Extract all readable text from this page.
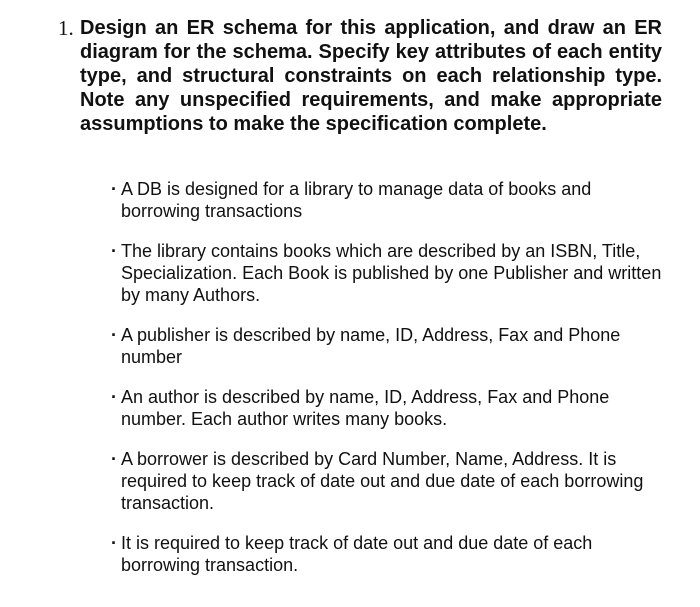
1. Design an ER schema for this application, and draw an ER diagram for the schema. Specify key attributes of each entity type, and structural constraints on each relationship type. Note any unspecified requirements, and make appropriate assumptions to make the specification complete.
· A DB is designed for a library to manage data of books and borrowing transactions
· The library contains books which are described by an ISBN, Title, Specialization. Each Book is published by one Publisher and written by many Authors.
· A publisher is described by name, ID, Address, Fax and Phone number
· An author is described by name, ID, Address, Fax and Phone number. Each author writes many books.
· A borrower is described by Card Number, Name, Address. It is required to keep track of date out and due date of each borrowing transaction.
· It is required to keep track of date out and due date of each borrowing transaction.
